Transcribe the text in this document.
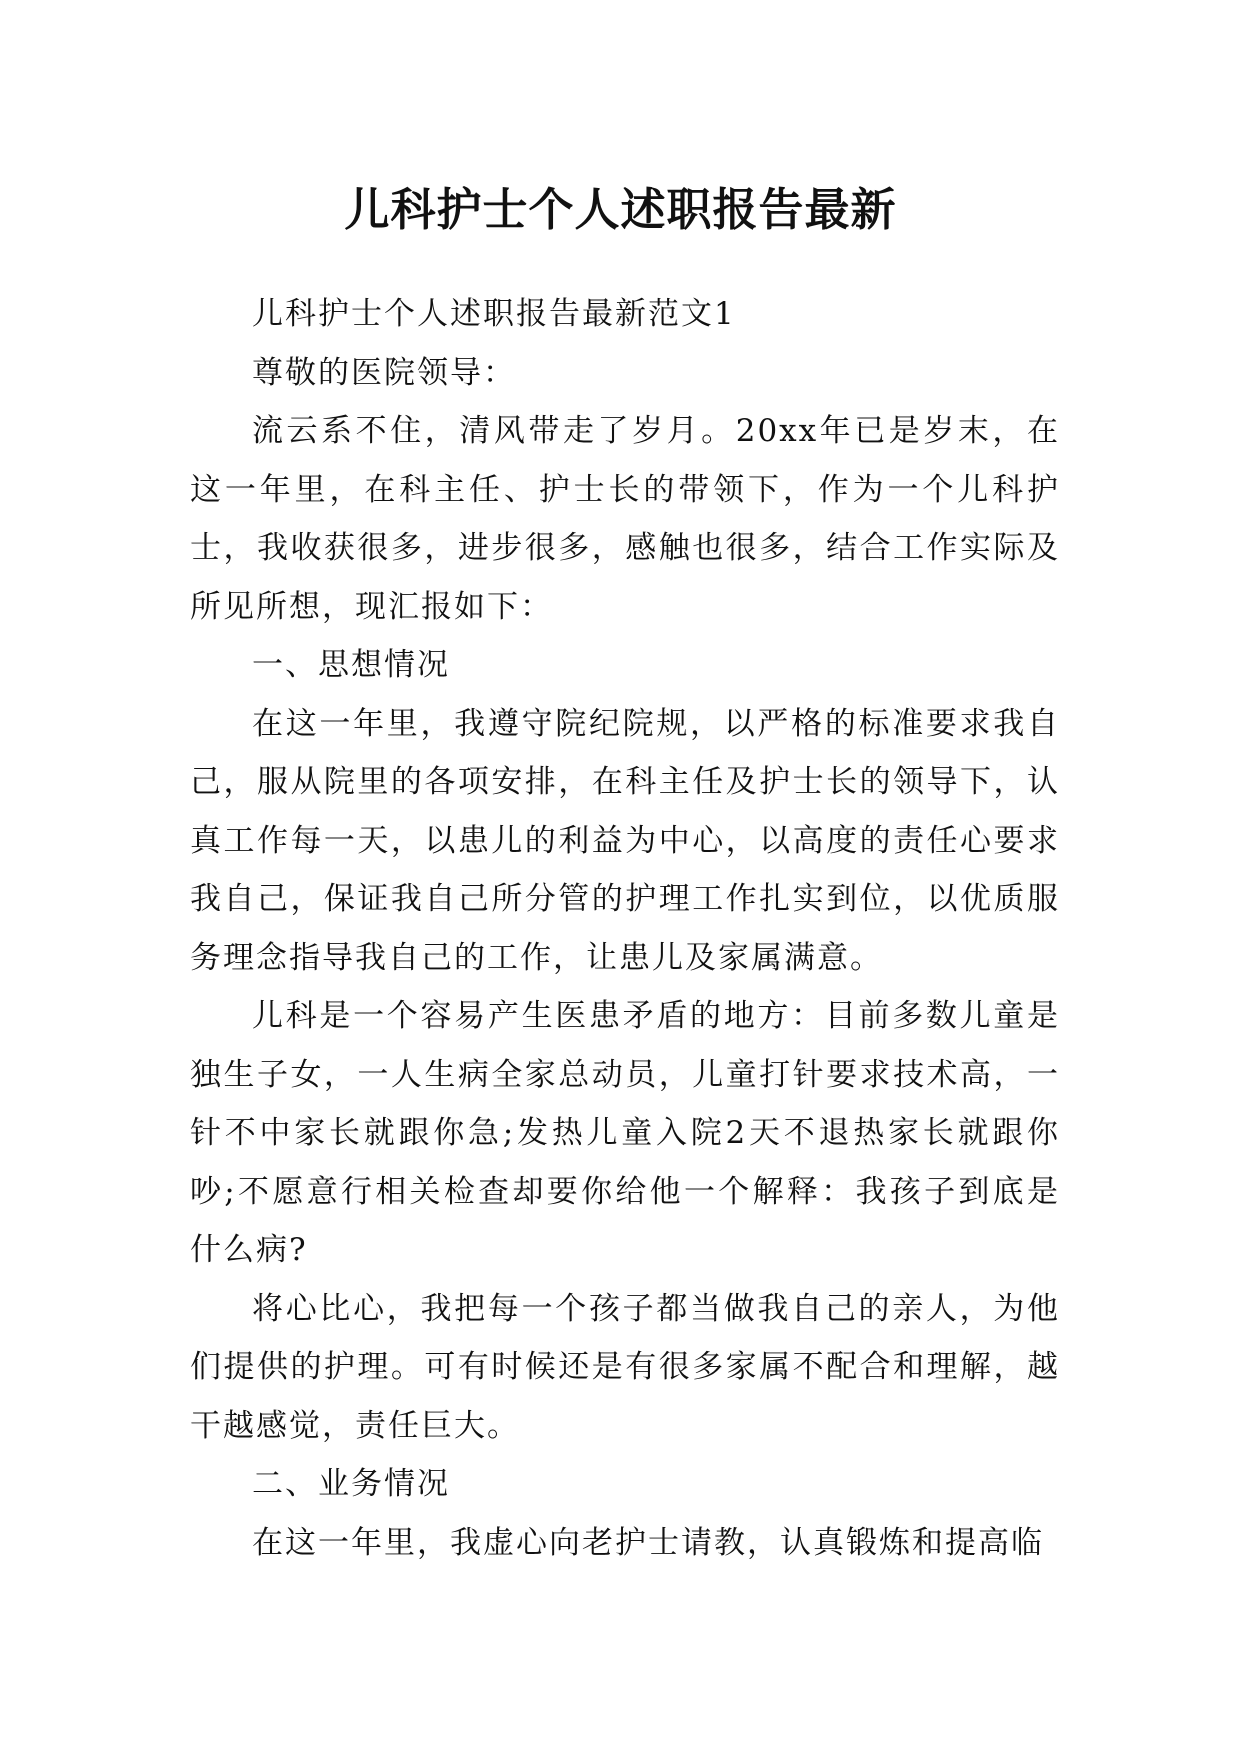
儿科护士个人述职报告最新

儿科护士个人述职报告最新范文1

尊敬的医院领导：

流云系不住，清风带走了岁月。20xx年已是岁末，在这一年里，在科主任、护士长的带领下，作为一个儿科护士，我收获很多，进步很多，感触也很多，结合工作实际及所见所想，现汇报如下：

一、思想情况

在这一年里，我遵守院纪院规，以严格的标准要求我自己，服从院里的各项安排，在科主任及护士长的领导下，认真工作每一天，以患儿的利益为中心，以高度的责任心要求我自己，保证我自己所分管的护理工作扎实到位，以优质服务理念指导我自己的工作，让患儿及家属满意。

儿科是一个容易产生医患矛盾的地方：目前多数儿童是独生子女，一人生病全家总动员，儿童打针要求技术高，一针不中家长就跟你急;发热儿童入院2天不退热家长就跟你吵;不愿意行相关检查却要你给他一个解释：我孩子到底是什么病?

将心比心，我把每一个孩子都当做我自己的亲人，为他们提供的护理。可有时候还是有很多家属不配合和理解，越干越感觉，责任巨大。

二、业务情况

在这一年里，我虚心向老护士请教，认真锻炼和提高临
